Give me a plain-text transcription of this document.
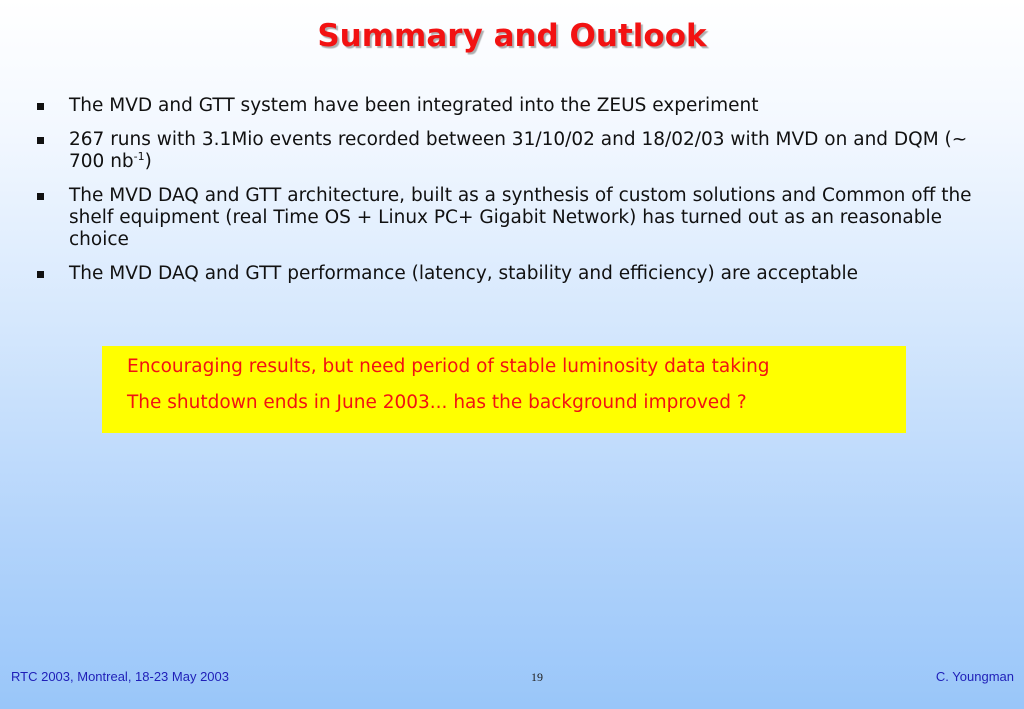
Summary and Outlook
The MVD and GTT system have been integrated into the ZEUS experiment
267 runs with 3.1Mio events recorded between 31/10/02 and 18/02/03 with MVD on and DQM (~ 700 $nb^{-1}$)
The MVD DAQ and GTT architecture, built as a synthesis of custom solutions and Common off the shelf equipment (real Time OS + Linux PC+ Gigabit Network) has turned out as an reasonable choice
The MVD DAQ and GTT performance (latency, stability and efficiency) are acceptable
Encouraging results, but need period of stable luminosity data taking
The shutdown ends in June 2003... has the background improved ?
RTC 2003, Montreal, 18-23 May 2003	19	C. Youngman
